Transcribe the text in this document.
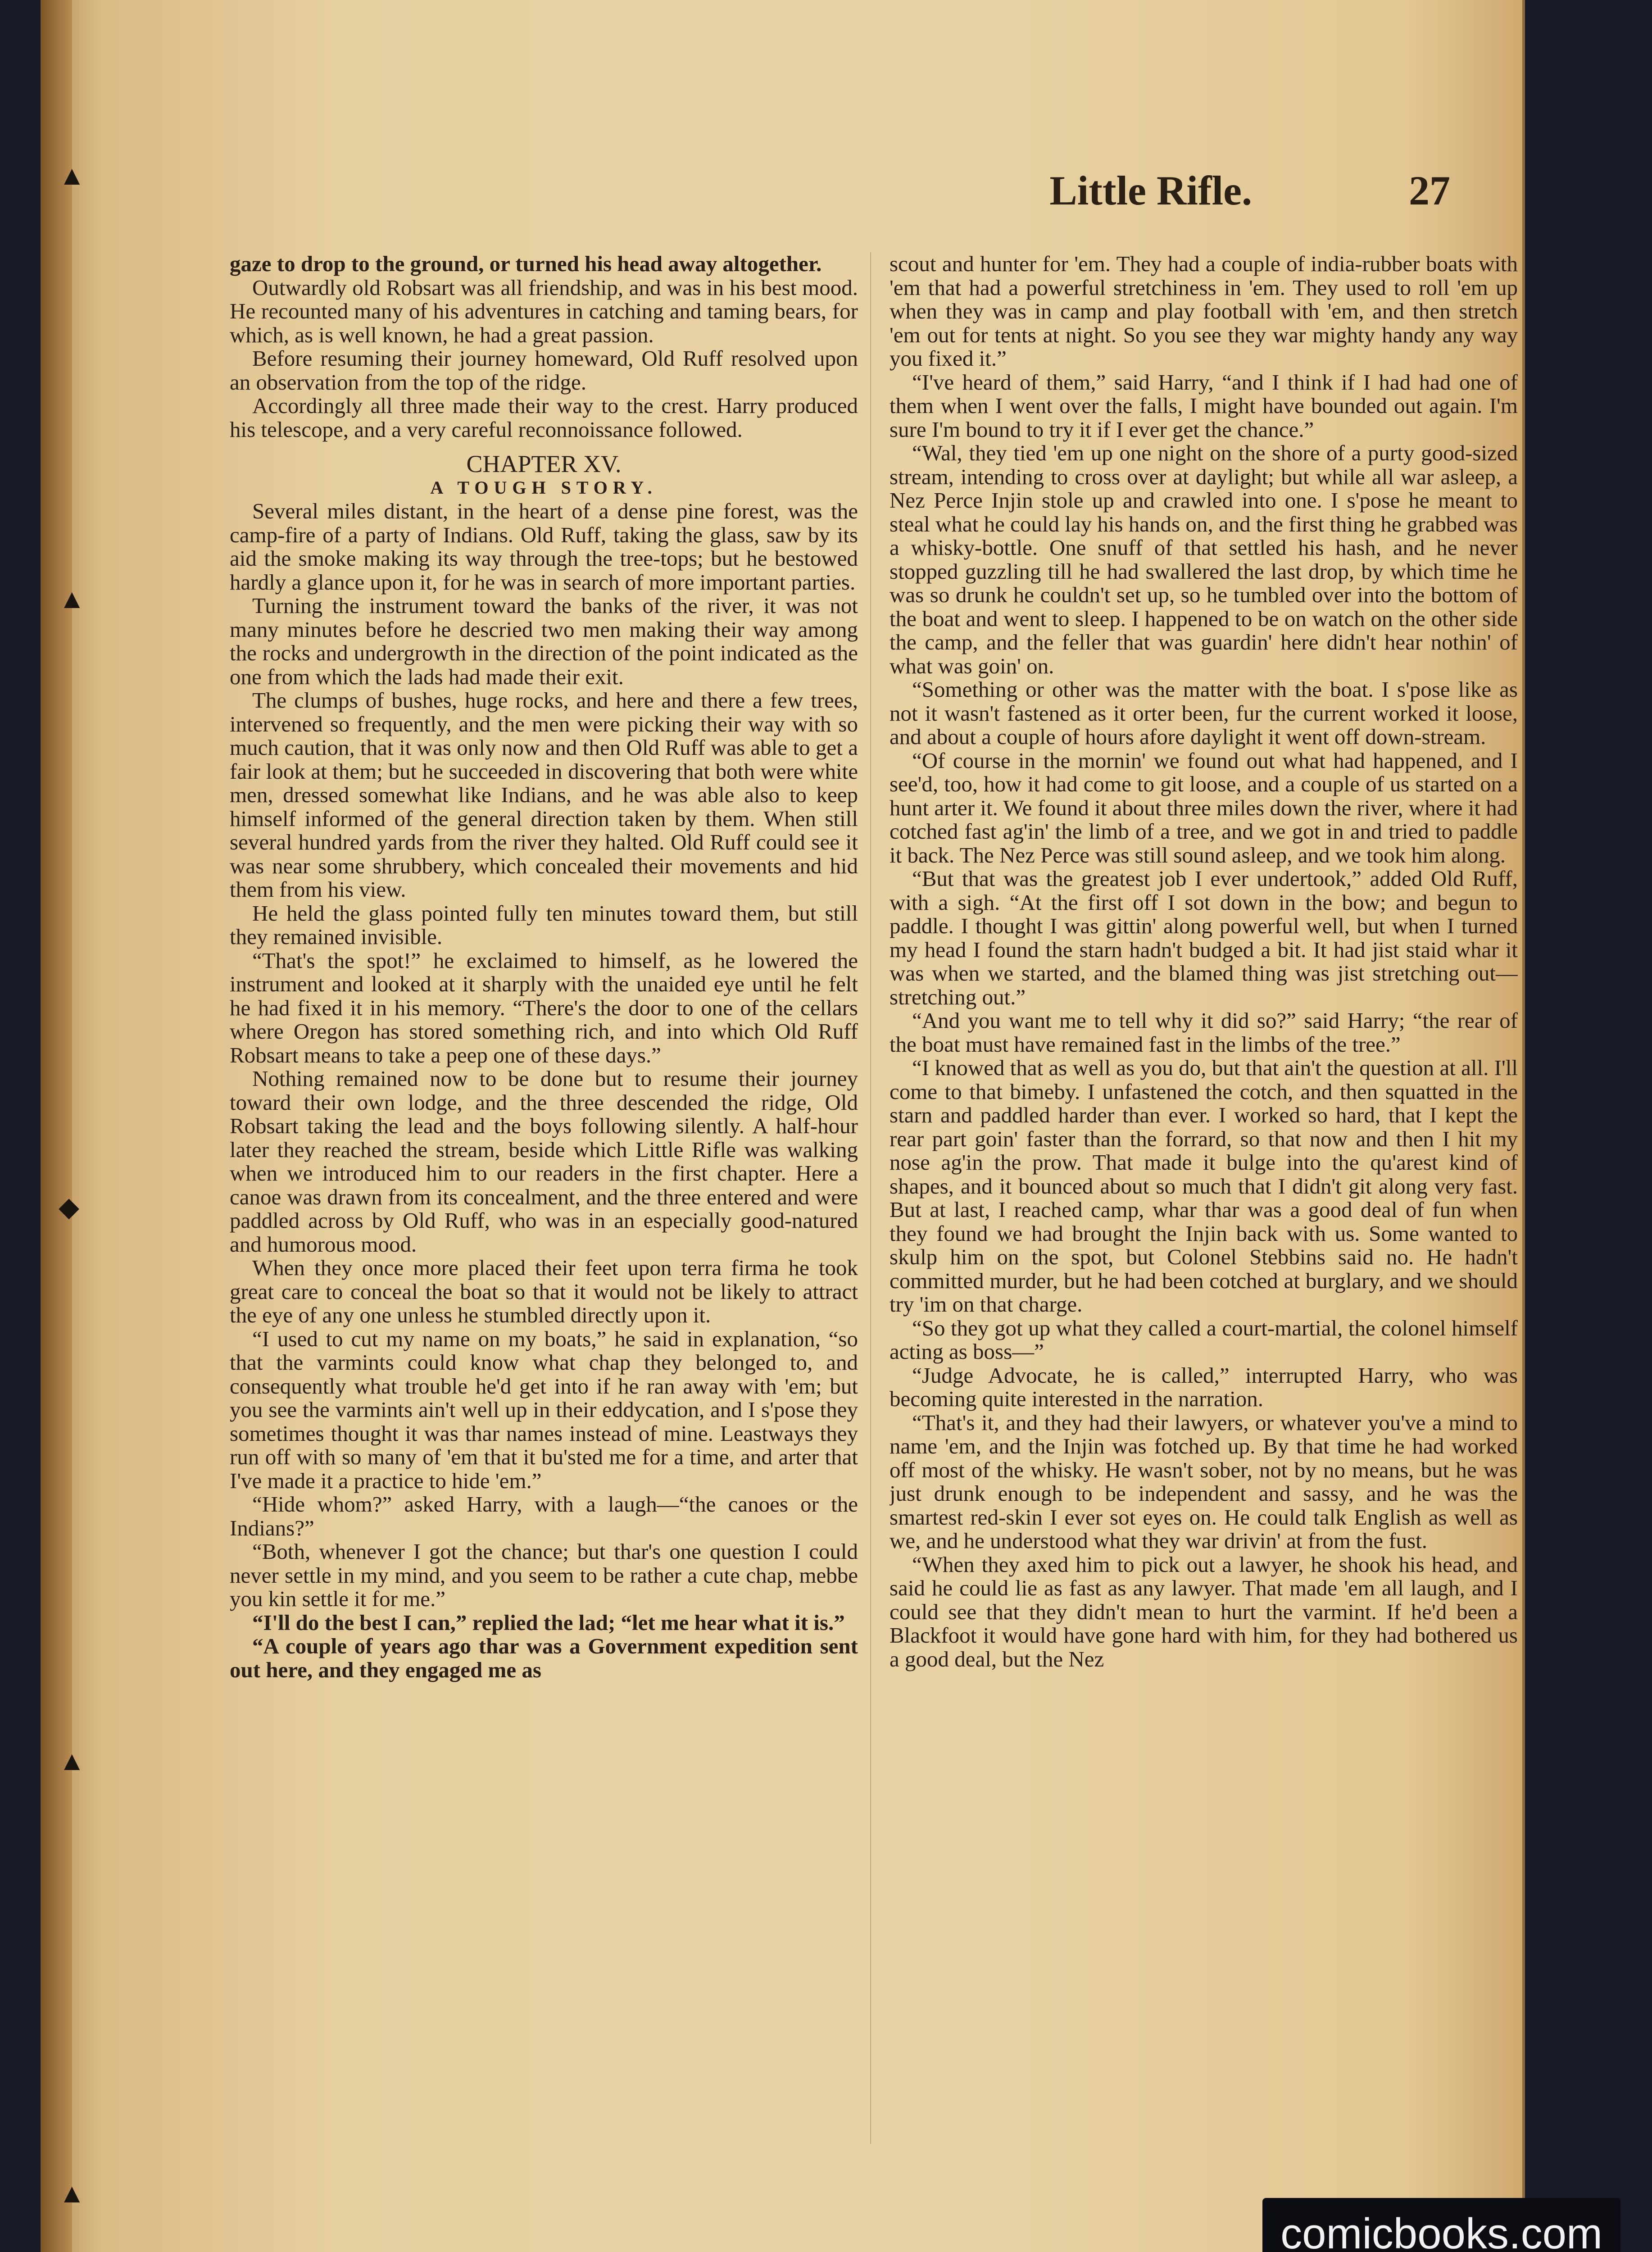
▲
▲
◆
▲
▲
Little Rifle.	27

gaze to drop to the ground, or turned his head away altogether.

Outwardly old Robsart was all friendship, and was in his best mood. He recounted many of his adventures in catching and taming bears, for which, as is well known, he had a great passion.

Before resuming their journey homeward, Old Ruff resolved upon an observation from the top of the ridge.

Accordingly all three made their way to the crest. Harry produced his telescope, and a very careful reconnoissance followed.

CHAPTER XV.

A TOUGH STORY.

Several miles distant, in the heart of a dense pine forest, was the camp-fire of a party of Indians. Old Ruff, taking the glass, saw by its aid the smoke making its way through the tree-tops; but he bestowed hardly a glance upon it, for he was in search of more important parties.

Turning the instrument toward the banks of the river, it was not many minutes before he descried two men making their way among the rocks and undergrowth in the direction of the point indicated as the one from which the lads had made their exit.

The clumps of bushes, huge rocks, and here and there a few trees, intervened so frequently, and the men were picking their way with so much caution, that it was only now and then Old Ruff was able to get a fair look at them; but he succeeded in discovering that both were white men, dressed somewhat like Indians, and he was able also to keep himself informed of the general direction taken by them. When still several hundred yards from the river they halted. Old Ruff could see it was near some shrubbery, which concealed their movements and hid them from his view.

He held the glass pointed fully ten minutes toward them, but still they remained invisible.

“That's the spot!” he exclaimed to himself, as he lowered the instrument and looked at it sharply with the unaided eye until he felt he had fixed it in his memory. “There's the door to one of the cellars where Oregon has stored something rich, and into which Old Ruff Robsart means to take a peep one of these days.”

Nothing remained now to be done but to resume their journey toward their own lodge, and the three descended the ridge, Old Robsart taking the lead and the boys following silently. A half-hour later they reached the stream, beside which Little Rifle was walking when we introduced him to our readers in the first chapter. Here a canoe was drawn from its concealment, and the three entered and were paddled across by Old Ruff, who was in an especially good-natured and humorous mood.

When they once more placed their feet upon terra firma he took great care to conceal the boat so that it would not be likely to attract the eye of any one unless he stumbled directly upon it.

“I used to cut my name on my boats,” he said in explanation, “so that the varmints could know what chap they belonged to, and consequently what trouble he'd get into if he ran away with 'em; but you see the varmints ain't well up in their eddycation, and I s'pose they sometimes thought it was thar names instead of mine. Leastways they run off with so many of 'em that it bu'sted me for a time, and arter that I've made it a practice to hide 'em.”

“Hide whom?” asked Harry, with a laugh—“the canoes or the Indians?”

“Both, whenever I got the chance; but thar's one question I could never settle in my mind, and you seem to be rather a cute chap, mebbe you kin settle it for me.”

“I'll do the best I can,” replied the lad; “let me hear what it is.”

“A couple of years ago thar was a Government expedition sent out here, and they engaged me as

scout and hunter for 'em. They had a couple of india-rubber boats with 'em that had a powerful stretchiness in 'em. They used to roll 'em up when they was in camp and play football with 'em, and then stretch 'em out for tents at night. So you see they war mighty handy any way you fixed it.”

“I've heard of them,” said Harry, “and I think if I had had one of them when I went over the falls, I might have bounded out again. I'm sure I'm bound to try it if I ever get the chance.”

“Wal, they tied 'em up one night on the shore of a purty good-sized stream, intending to cross over at daylight; but while all war asleep, a Nez Perce Injin stole up and crawled into one. I s'pose he meant to steal what he could lay his hands on, and the first thing he grabbed was a whisky-bottle. One snuff of that settled his hash, and he never stopped guzzling till he had swallered the last drop, by which time he was so drunk he couldn't set up, so he tumbled over into the bottom of the boat and went to sleep. I happened to be on watch on the other side the camp, and the feller that was guardin' here didn't hear nothin' of what was goin' on.

“Something or other was the matter with the boat. I s'pose like as not it wasn't fastened as it orter been, fur the current worked it loose, and about a couple of hours afore daylight it went off down-stream.

“Of course in the mornin' we found out what had happened, and I see'd, too, how it had come to git loose, and a couple of us started on a hunt arter it. We found it about three miles down the river, where it had cotched fast ag'in' the limb of a tree, and we got in and tried to paddle it back. The Nez Perce was still sound asleep, and we took him along.

“But that was the greatest job I ever undertook,” added Old Ruff, with a sigh. “At the first off I sot down in the bow; and begun to paddle. I thought I was gittin' along powerful well, but when I turned my head I found the starn hadn't budged a bit. It had jist staid whar it was when we started, and the blamed thing was jist stretching out—stretching out.”

“And you want me to tell why it did so?” said Harry; “the rear of the boat must have remained fast in the limbs of the tree.”

“I knowed that as well as you do, but that ain't the question at all. I'll come to that bimeby. I unfastened the cotch, and then squatted in the starn and paddled harder than ever. I worked so hard, that I kept the rear part goin' faster than the forrard, so that now and then I hit my nose ag'in the prow. That made it bulge into the qu'arest kind of shapes, and it bounced about so much that I didn't git along very fast. But at last, I reached camp, whar thar was a good deal of fun when they found we had brought the Injin back with us. Some wanted to skulp him on the spot, but Colonel Stebbins said no. He hadn't committed murder, but he had been cotched at burglary, and we should try 'im on that charge.

“So they got up what they called a court-martial, the colonel himself acting as boss—”

“Judge Advocate, he is called,” interrupted Harry, who was becoming quite interested in the narration.

“That's it, and they had their lawyers, or whatever you've a mind to name 'em, and the Injin was fotched up. By that time he had worked off most of the whisky. He wasn't sober, not by no means, but he was just drunk enough to be independent and sassy, and he was the smartest red-skin I ever sot eyes on. He could talk English as well as we, and he understood what they war drivin' at from the fust.

“When they axed him to pick out a lawyer, he shook his head, and said he could lie as fast as any lawyer. That made 'em all laugh, and I could see that they didn't mean to hurt the varmint. If he'd been a Blackfoot it would have gone hard with him, for they had bothered us a good deal, but the Nez

comicbooks.com
